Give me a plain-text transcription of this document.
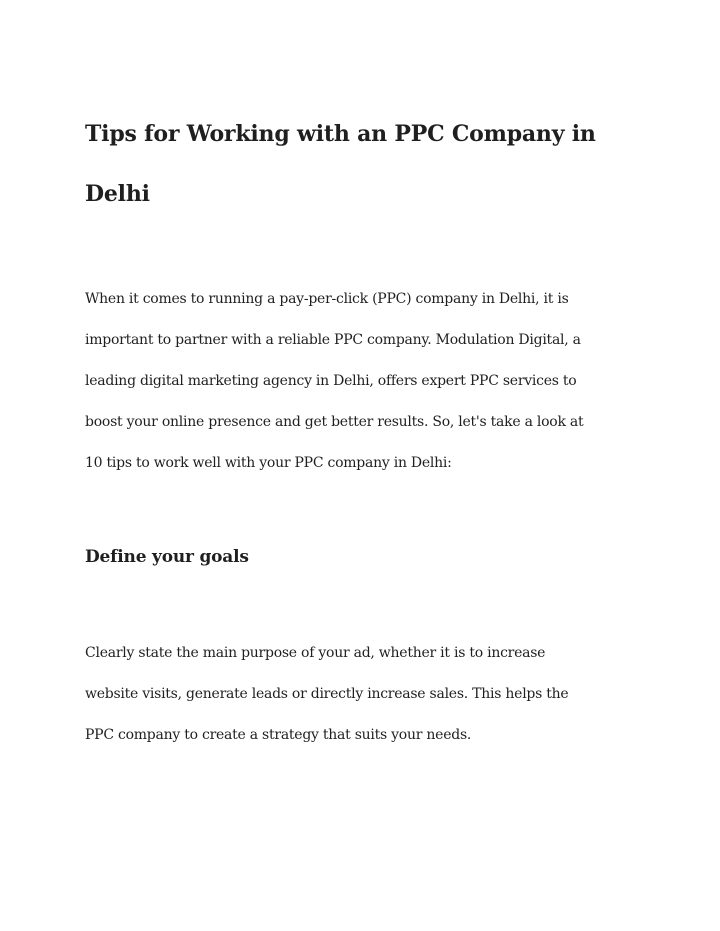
Tips for Working with an PPC Company in
Delhi

When it comes to running a pay-per-click (PPC) company in Delhi, it is

important to partner with a reliable PPC company. Modulation Digital, a

leading digital marketing agency in Delhi, offers expert PPC services to

boost your online presence and get better results. So, let's take a look at

10 tips to work well with your PPC company in Delhi:

Define your goals

Clearly state the main purpose of your ad, whether it is to increase

website visits, generate leads or directly increase sales. This helps the

PPC company to create a strategy that suits your needs.
